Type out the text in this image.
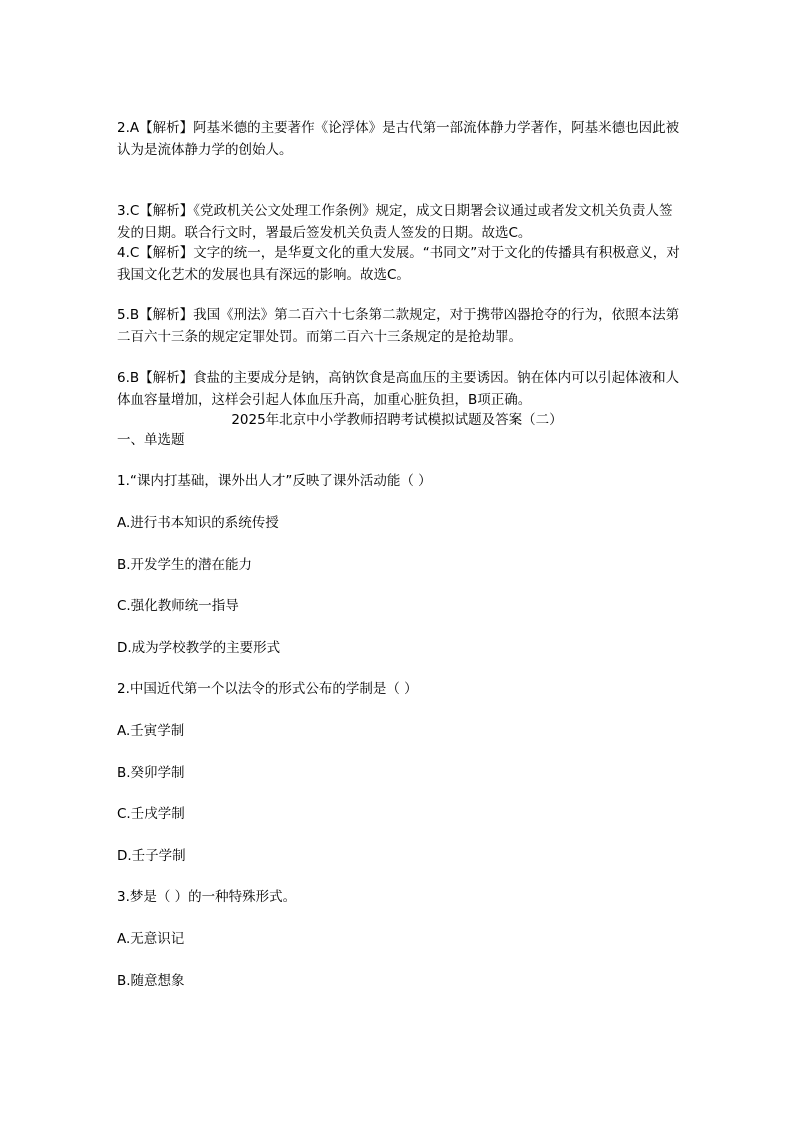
2.A【解析】阿基米德的主要著作《论浮体》是古代第一部流体静力学著作，阿基米德也因此被认为是流体静力学的创始人。

3.C【解析】《党政机关公文处理工作条例》规定，成文日期署会议通过或者发文机关负责人签发的日期。联合行文时，署最后签发机关负责人签发的日期。故选C。

4.C【解析】文字的统一，是华夏文化的重大发展。“书同文”对于文化的传播具有积极意义，对我国文化艺术的发展也具有深远的影响。故选C。

5.B【解析】我国《刑法》第二百六十七条第二款规定，对于携带凶器抢夺的行为，依照本法第二百六十三条的规定定罪处罚。而第二百六十三条规定的是抢劫罪。

6.B【解析】食盐的主要成分是钠，高钠饮食是高血压的主要诱因。钠在体内可以引起体液和人体血容量增加，这样会引起人体血压升高，加重心脏负担，B项正确。

2025年北京中小学教师招聘考试模拟试题及答案（二）
一、单选题
1.“课内打基础，课外出人才”反映了课外活动能（ ）
A.进行书本知识的系统传授
B.开发学生的潜在能力
C.强化教师统一指导
D.成为学校教学的主要形式
2.中国近代第一个以法令的形式公布的学制是（ ）
A.壬寅学制
B.癸卯学制
C.壬戌学制
D.壬子学制
3.梦是（ ）的一种特殊形式。
A.无意识记
B.随意想象
